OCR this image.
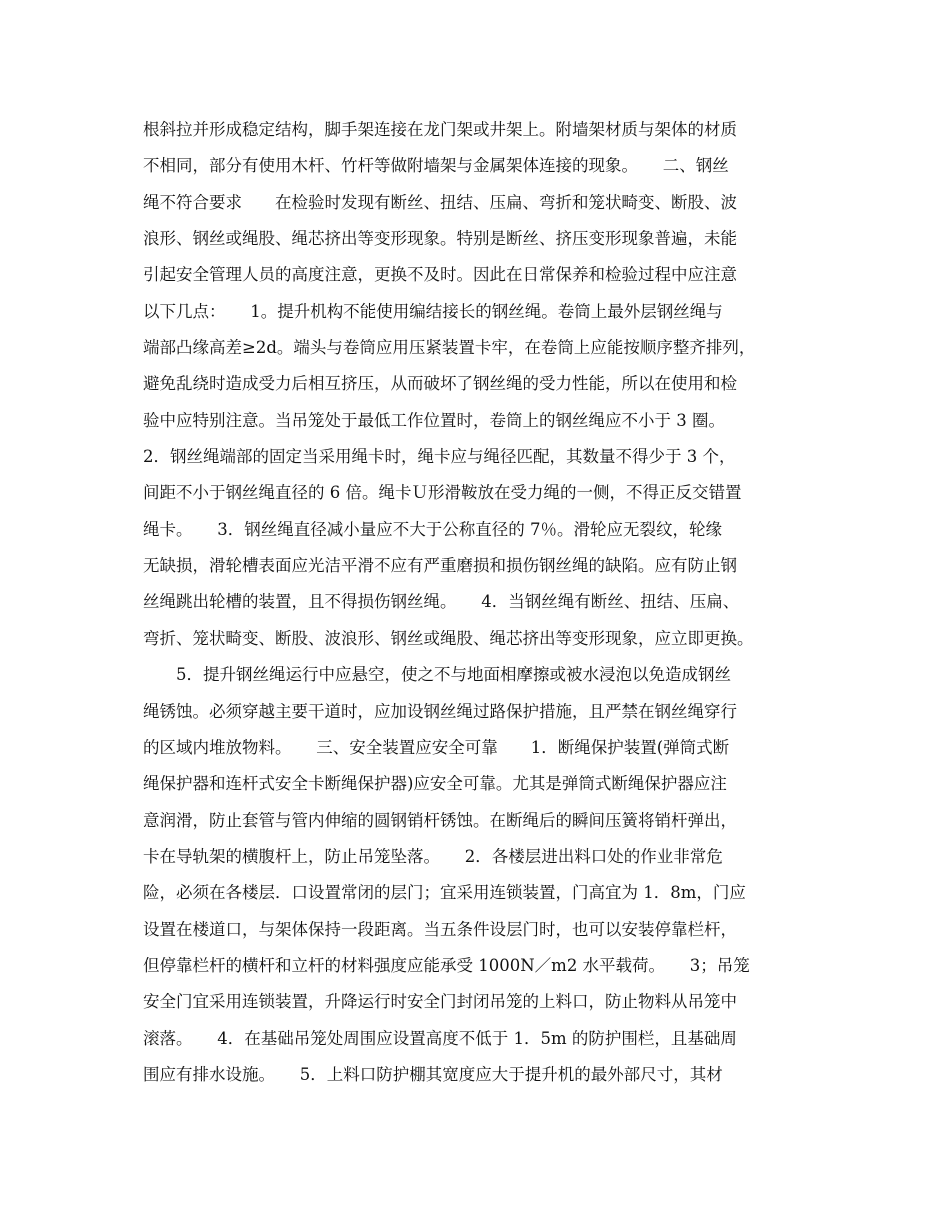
根斜拉并形成稳定结构，脚手架连接在龙门架或井架上。附墙架材质与架体的材质
不相同，部分有使用木杆、竹杆等做附墙架与金属架体连接的现象。　　二、钢丝
绳不符合要求　　在检验时发现有断丝、扭结、压扁、弯折和笼状畸变、断股、波
浪形、钢丝或绳股、绳芯挤出等变形现象。特别是断丝、挤压变形现象普遍，未能
引起安全管理人员的高度注意，更换不及时。因此在日常保养和检验过程中应注意
以下几点：　　1。提升机构不能使用编结接长的钢丝绳。卷筒上最外层钢丝绳与
端部凸缘高差≥2d。端头与卷筒应用压紧装置卡牢，在卷筒上应能按顺序整齐排列，
避免乱绕时造成受力后相互挤压，从而破坏了钢丝绳的受力性能，所以在使用和检
验中应特别注意。当吊笼处于最低工作位置时，卷筒上的钢丝绳应不小于 3 圈。
2．钢丝绳端部的固定当采用绳卡时，绳卡应与绳径匹配，其数量不得少于 3 个，
间距不小于钢丝绳直径的 6 倍。绳卡Ｕ形滑鞍放在受力绳的一侧，不得正反交错置
绳卡。　　3．钢丝绳直径减小量应不大于公称直径的 7％。滑轮应无裂纹，轮缘
无缺损，滑轮槽表面应光洁平滑不应有严重磨损和损伤钢丝绳的缺陷。应有防止钢
丝绳跳出轮槽的装置，且不得损伤钢丝绳。　　4．当钢丝绳有断丝、扭结、压扁、
弯折、笼状畸变、断股、波浪形、钢丝或绳股、绳芯挤出等变形现象，应立即更换。
　　5．提升钢丝绳运行中应悬空，使之不与地面相摩擦或被水浸泡以免造成钢丝
绳锈蚀。必须穿越主要干道时，应加设钢丝绳过路保护措施，且严禁在钢丝绳穿行
的区域内堆放物料。　　三、安全装置应安全可靠　　1．断绳保护装置(弹筒式断
绳保护器和连杆式安全卡断绳保护器)应安全可靠。尤其是弹筒式断绳保护器应注
意润滑，防止套管与管内伸缩的圆钢销杆锈蚀。在断绳后的瞬间压簧将销杆弹出，
卡在导轨架的横腹杆上，防止吊笼坠落。　　2．各楼层进出料口处的作业非常危
险，必须在各楼层．口设置常闭的层门；宜采用连锁装置，门高宜为 1．8m，门应
设置在楼道口，与架体保持一段距离。当五条件设层门时，也可以安装停靠栏杆，
但停靠栏杆的横杆和立杆的材料强度应能承受 1000N／m2 水平载荷。　　3；吊笼
安全门宜采用连锁装置，升降运行时安全门封闭吊笼的上料口，防止物料从吊笼中
滚落。　　4．在基础吊笼处周围应设置高度不低于 1．5m 的防护围栏，且基础周
围应有排水设施。　　5．上料口防护棚其宽度应大于提升机的最外部尺寸，其材
